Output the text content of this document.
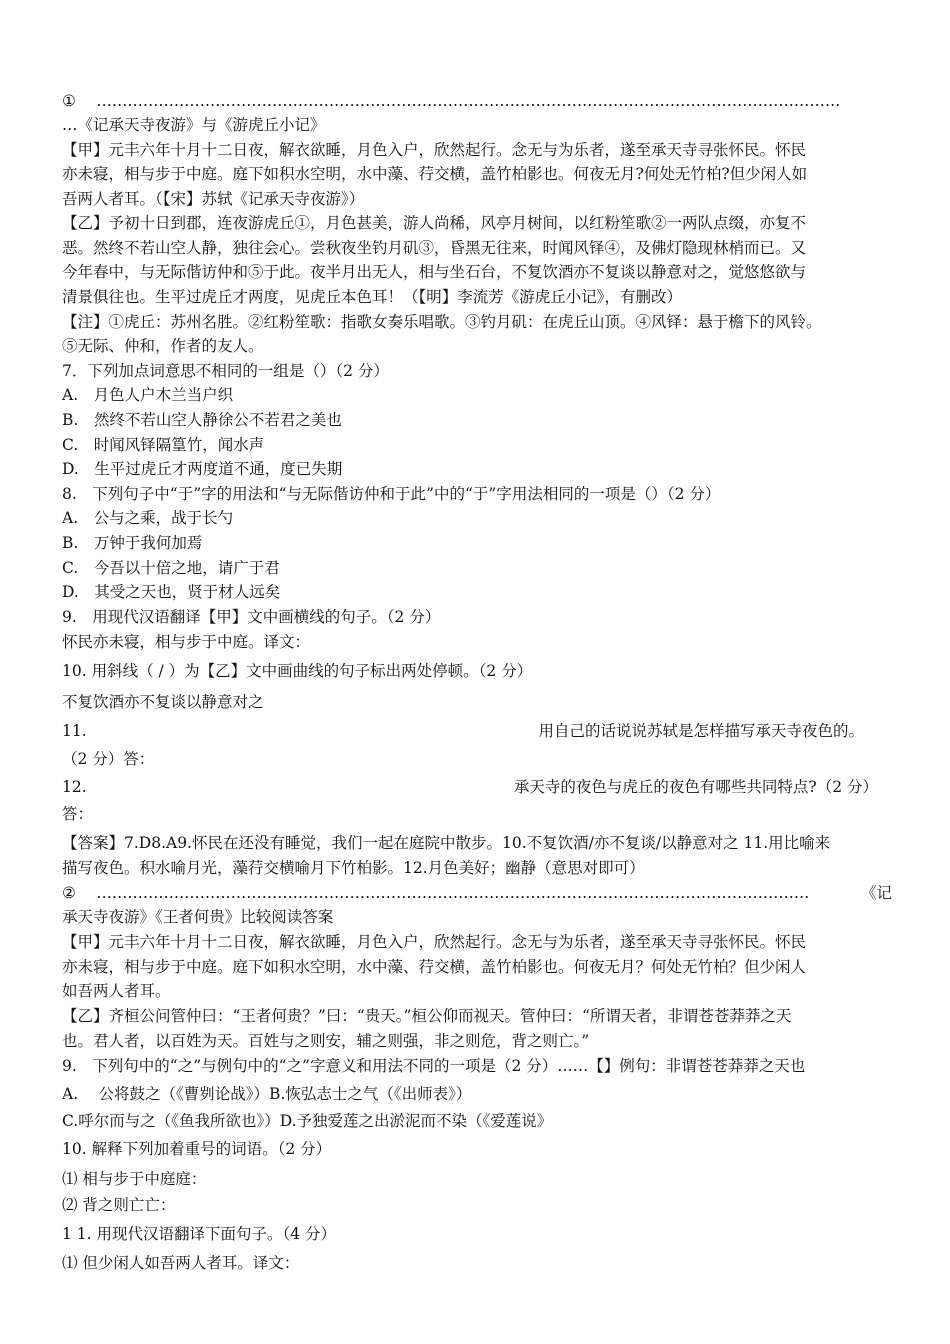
①　 ………………………………………………………………………………………………………………………………
…《记承天寺夜游》与《游虎丘小记》
【甲】元丰六年十月十二日夜，解衣欲睡，月色入户，欣然起行。念无与为乐者，遂至承天寺寻张怀民。怀民
亦未寝，相与步于中庭。庭下如积水空明，水中藻、荇交横，盖竹柏影也。何夜无月?何处无竹柏?但少闲人如
吾两人者耳。（【宋】苏轼《记承天寺夜游》）
【乙】予初十日到郡，连夜游虎丘①，月色甚美，游人尚稀，风亭月树间，以红粉笙歌②一两队点缀，亦复不
恶。然终不若山空人静，独往会心。尝秋夜坐钓月矶③，昏黑无往来，时闻风铎④，及佛灯隐现林梢而已。又
今年春中，与无际偕访仲和⑤于此。夜半月出无人，相与坐石台，不复饮酒亦不复谈以静意对之，觉悠悠欲与
清景俱往也。生平过虎丘才两度，见虎丘本色耳！（【明】李流芳《游虎丘小记》，有删改）
【注】①虎丘：苏州名胜。②红粉笙歌：指歌女奏乐唱歌。③钓月矶：在虎丘山顶。④风铎：悬于檐下的风铃。
⑤无际、仲和，作者的友人。
7．下列加点词意思不相同的一组是（）（2 分）
A.　月色人户木兰当户织
B.　然终不若山空人静徐公不若君之美也
C.　时闻风铎隔篁竹，闻水声
D.　生平过虎丘才两度道不通，度已失期
8.　下列句子中“于”字的用法和“与无际偕访仲和于此”中的“于”字用法相同的一项是（）（2 分）
A.　公与之乘，战于长勺
B.　万钟于我何加焉
C.　今吾以十倍之地，请广于君
D.　其受之天也，贤于材人远矣
9.　用现代汉语翻译【甲】文中画横线的句子。（2 分）
怀民亦未寝，相与步于中庭。译文：
10. 用斜线（ / ）为【乙】文中画曲线的句子标出两处停顿。（2 分）
不复饮酒亦不复谈以静意对之
11.	用自己的话说说苏轼是怎样描写承天寺夜色的。
（2 分）答：
12.	承天寺的夜色与虎丘的夜色有哪些共同特点?（2 分）
答：
【答案】7.D8.A9.怀民在还没有睡觉，我们一起在庭院中散步。10.不复饮酒/亦不复谈/以静意对之 11.用比喻来
描写夜色。积水喻月光，藻荇交横喻月下竹柏影。12.月色美好；幽静（意思对即可）
②　 …………………………………………………………………………………………………………………………	《记
承天寺夜游》《王者何贵》比较阅读答案
【甲】元丰六年十月十二日夜，解衣欲睡，月色入户，欣然起行。念无与为乐者，遂至承天寺寻张怀民。怀民
亦未寝，相与步于中庭。庭下如积水空明，水中藻、荇交横，盖竹柏影也。何夜无月？何处无竹柏？但少闲人
如吾两人者耳。
【乙】齐桓公问管仲曰：“王者何贵？”曰：“贵天。”桓公仰而视天。管仲曰：“所谓天者，非谓苍苍莽莽之天
也。君人者，以百姓为天。百姓与之则安，辅之则强，非之则危，背之则亡。”
9.　下列句中的“之”与例句中的“之”字意义和用法不同的一项是（2 分）……【】例句：非谓苍苍莽莽之天也
A.　 公将鼓之（《曹刿论战》）B.恢弘志士之气（《出师表》）
C.呼尔而与之（《鱼我所欲也》）D.予独爱莲之出淤泥而不染（《爱莲说》
10. 解释下列加着重号的词语。（2 分）
⑴ 相与步于中庭庭：
⑵ 背之则亡亡：
1 1. 用现代汉语翻译下面句子。（4 分）
⑴ 但少闲人如吾两人者耳。译文：
